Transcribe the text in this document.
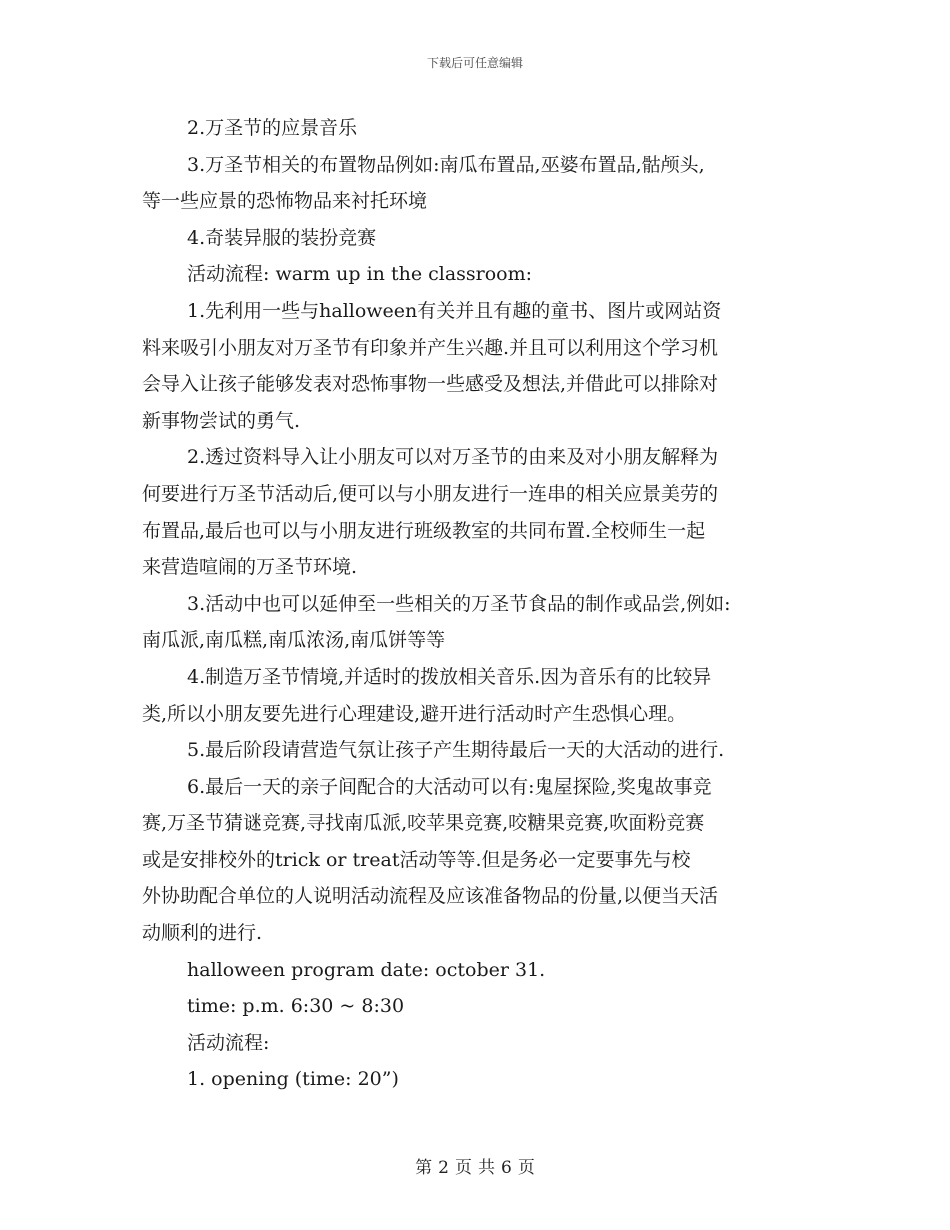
下载后可任意编辑

2.万圣节的应景音乐

3.万圣节相关的布置物品例如:南瓜布置品,巫婆布置品,骷颅头,

等一些应景的恐怖物品来衬托环境

4.奇装异服的装扮竞赛

活动流程: warm up in the classroom:

1.先利用一些与halloween有关并且有趣的童书、图片或网站资

料来吸引小朋友对万圣节有印象并产生兴趣.并且可以利用这个学习机

会导入让孩子能够发表对恐怖事物一些感受及想法,并借此可以排除对

新事物尝试的勇气.

2.透过资料导入让小朋友可以对万圣节的由来及对小朋友解释为

何要进行万圣节活动后,便可以与小朋友进行一连串的相关应景美劳的

布置品,最后也可以与小朋友进行班级教室的共同布置.全校师生一起

来营造喧闹的万圣节环境.

3.活动中也可以延伸至一些相关的万圣节食品的制作或品尝,例如:

南瓜派,南瓜糕,南瓜浓汤,南瓜饼等等

4.制造万圣节情境,并适时的拨放相关音乐.因为音乐有的比较异

类,所以小朋友要先进行心理建设,避开进行活动时产生恐惧心理。

5.最后阶段请营造气氛让孩子产生期待最后一天的大活动的进行.

6.最后一天的亲子间配合的大活动可以有:鬼屋探险,奖鬼故事竞

赛,万圣节猜谜竞赛,寻找南瓜派,咬苹果竞赛,咬糖果竞赛,吹面粉竞赛

或是安排校外的trick or treat活动等等.但是务必一定要事先与校

外协助配合单位的人说明活动流程及应该准备物品的份量,以便当天活

动顺利的进行.

halloween program date: october 31.

time: p.m. 6:30 ~ 8:30

活动流程:

1. opening (time: 20”)

第 2 页 共 6 页
